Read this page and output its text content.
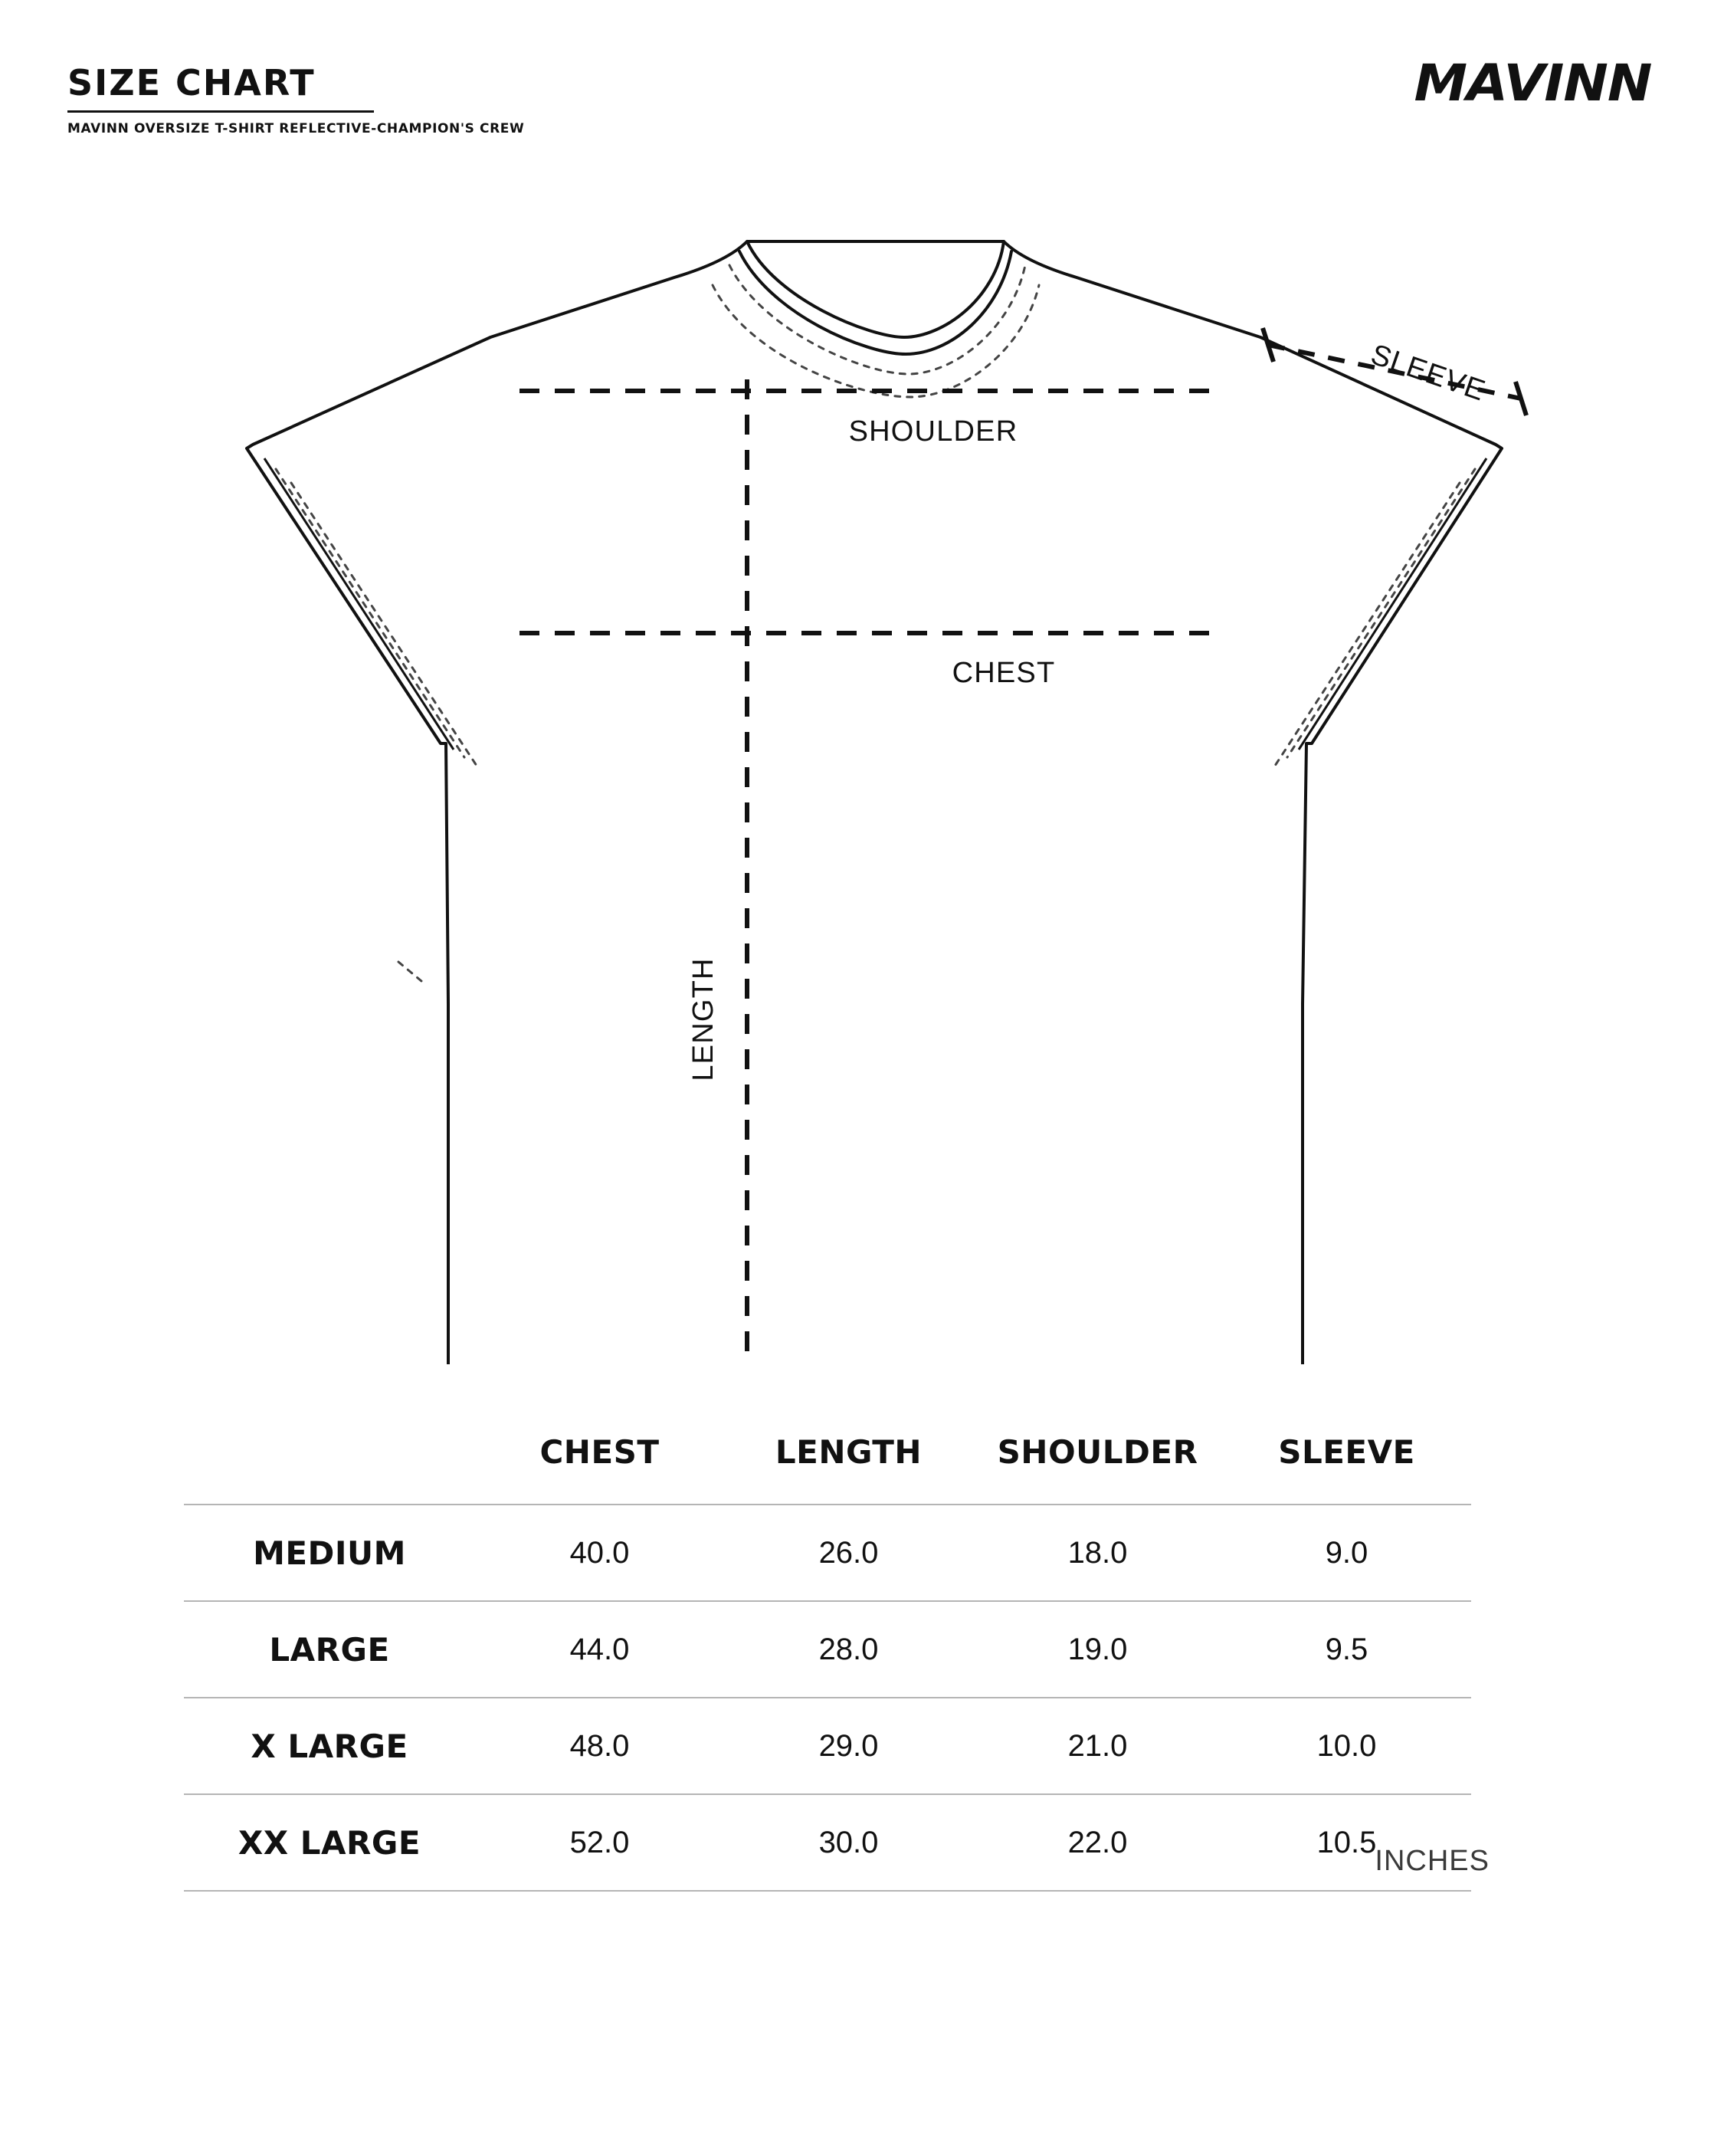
SIZE CHART
MAVINN OVERSIZE T-SHIRT REFLECTIVE-CHAMPION'S CREW
MAVINN
SHOULDER
CHEST
LENGTH
SLEEVE
	CHEST	LENGTH	SHOULDER	SLEEVE
MEDIUM	40.0	26.0	18.0	9.0
LARGE	44.0	28.0	19.0	9.5
X LARGE	48.0	29.0	21.0	10.0
XX LARGE	52.0	30.0	22.0	10.5
INCHES
